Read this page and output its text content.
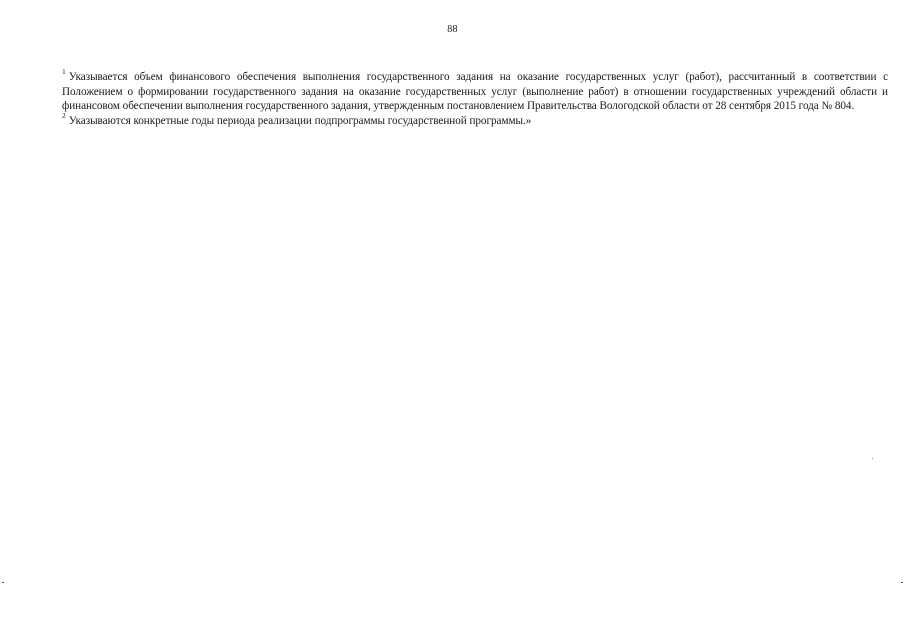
88

$^1$ Указывается объем финансового обеспечения выполнения государственного задания на оказание государственных услуг (работ), рассчитанный в соответствии с Положением о формировании государственного задания на оказание государственных услуг (выполнение работ) в отношении государственных учреждений области и финансовом обеспечении выполнения государственного задания, утвержденным постановлением Правительства Вологодской области от 28 сентября 2015 года № 804.

$^2$ Указываются конкретные годы периода реализации подпрограммы государственной программы.»
